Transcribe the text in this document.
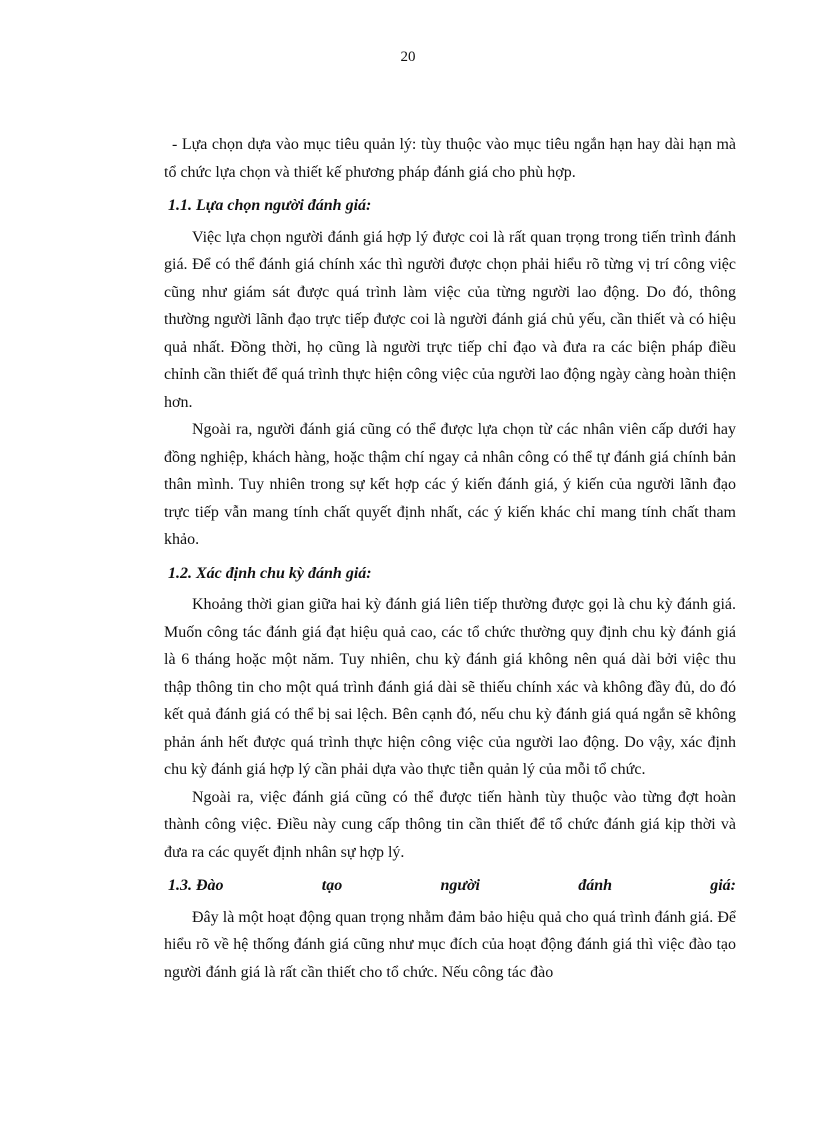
20

- Lựa chọn dựa vào mục tiêu quản lý: tùy thuộc vào mục tiêu ngắn hạn hay dài hạn mà tổ chức lựa chọn và thiết kế phương pháp đánh giá cho phù hợp.

1.1. Lựa chọn người đánh giá:

Việc lựa chọn người đánh giá hợp lý được coi là rất quan trọng trong tiến trình đánh giá. Để có thể đánh giá chính xác thì người được chọn phải hiểu rõ từng vị trí công việc cũng như giám sát được quá trình làm việc của từng người lao động. Do đó, thông thường người lãnh đạo trực tiếp được coi là người đánh giá chủ yếu, cần thiết và có hiệu quả nhất. Đồng thời, họ cũng là người trực tiếp chỉ đạo và đưa ra các biện pháp điều chỉnh cần thiết để quá trình thực hiện công việc của người lao động ngày càng hoàn thiện hơn.

Ngoài ra, người đánh giá cũng có thể được lựa chọn từ các nhân viên cấp dưới hay đồng nghiệp, khách hàng, hoặc thậm chí ngay cả nhân công có thể tự đánh giá chính bản thân mình. Tuy nhiên trong sự kết hợp các ý kiến đánh giá, ý kiến của người lãnh đạo trực tiếp vẫn mang tính chất quyết định nhất, các ý kiến khác chỉ mang tính chất tham khảo.

1.2. Xác định chu kỳ đánh giá:

Khoảng thời gian giữa hai kỳ đánh giá liên tiếp thường được gọi là chu kỳ đánh giá. Muốn công tác đánh giá đạt hiệu quả cao, các tổ chức thường quy định chu kỳ đánh giá là 6 tháng hoặc một năm. Tuy nhiên, chu kỳ đánh giá không nên quá dài bởi việc thu thập thông tin cho một quá trình đánh giá dài sẽ thiếu chính xác và không đầy đủ, do đó kết quả đánh giá có thể bị sai lệch. Bên cạnh đó, nếu chu kỳ đánh giá quá ngắn sẽ không phản ánh hết được quá trình thực hiện công việc của người lao động. Do vậy, xác định chu kỳ đánh giá hợp lý cần phải dựa vào thực tiễn quản lý của mỗi tổ chức.

Ngoài ra, việc đánh giá cũng có thể được tiến hành tùy thuộc vào từng đợt hoàn thành công việc. Điều này cung cấp thông tin cần thiết để tổ chức đánh giá kịp thời và đưa ra các quyết định nhân sự hợp lý.

1.3. Đào	tạo	người	đánh	giá:

Đây là một hoạt động quan trọng nhằm đảm bảo hiệu quả cho quá trình đánh giá. Để hiểu rõ về hệ thống đánh giá cũng như mục đích của hoạt động đánh giá thì việc đào tạo người đánh giá là rất cần thiết cho tổ chức. Nếu công tác đào
